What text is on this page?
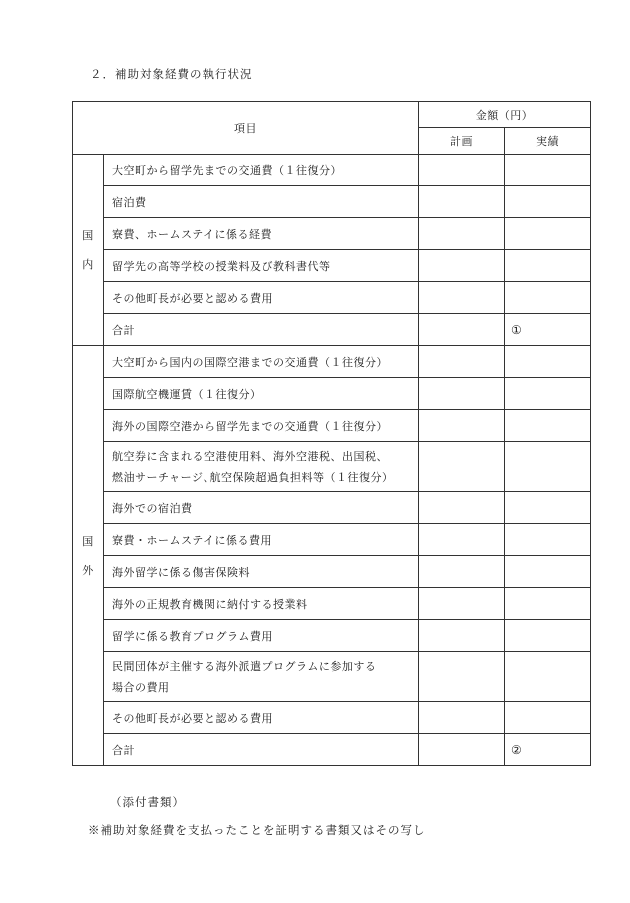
２．補助対象経費の執行状況
項目		金額（円）	
		計画	実績

国
内	大空町から留学先までの交通費（１往復分）		
	宿泊費		
	寮費、ホームステイに係る経費		
	留学先の高等学校の授業料及び教科書代等		
	その他町長が必要と認める費用		
	合計		①

国
外	大空町から国内の国際空港までの交通費（１往復分）		
	国際航空機運賃（１往復分）		
	海外の国際空港から留学先までの交通費（１往復分）		

	航空券に含まれる空港使用料、海外空港税、出国税、
燃油サーチャージ､航空保険超過負担料等（１往復分）		

	海外での宿泊費		
	寮費・ホームステイに係る費用		
	海外留学に係る傷害保険料		
	海外の正規教育機関に納付する授業料		
	留学に係る教育プログラム費用		

	民間団体が主催する海外派遣プログラムに参加する
場合の費用		

	その他町長が必要と認める費用		
	合計		②
（添付書類）
※補助対象経費を支払ったことを証明する書類又はその写し
